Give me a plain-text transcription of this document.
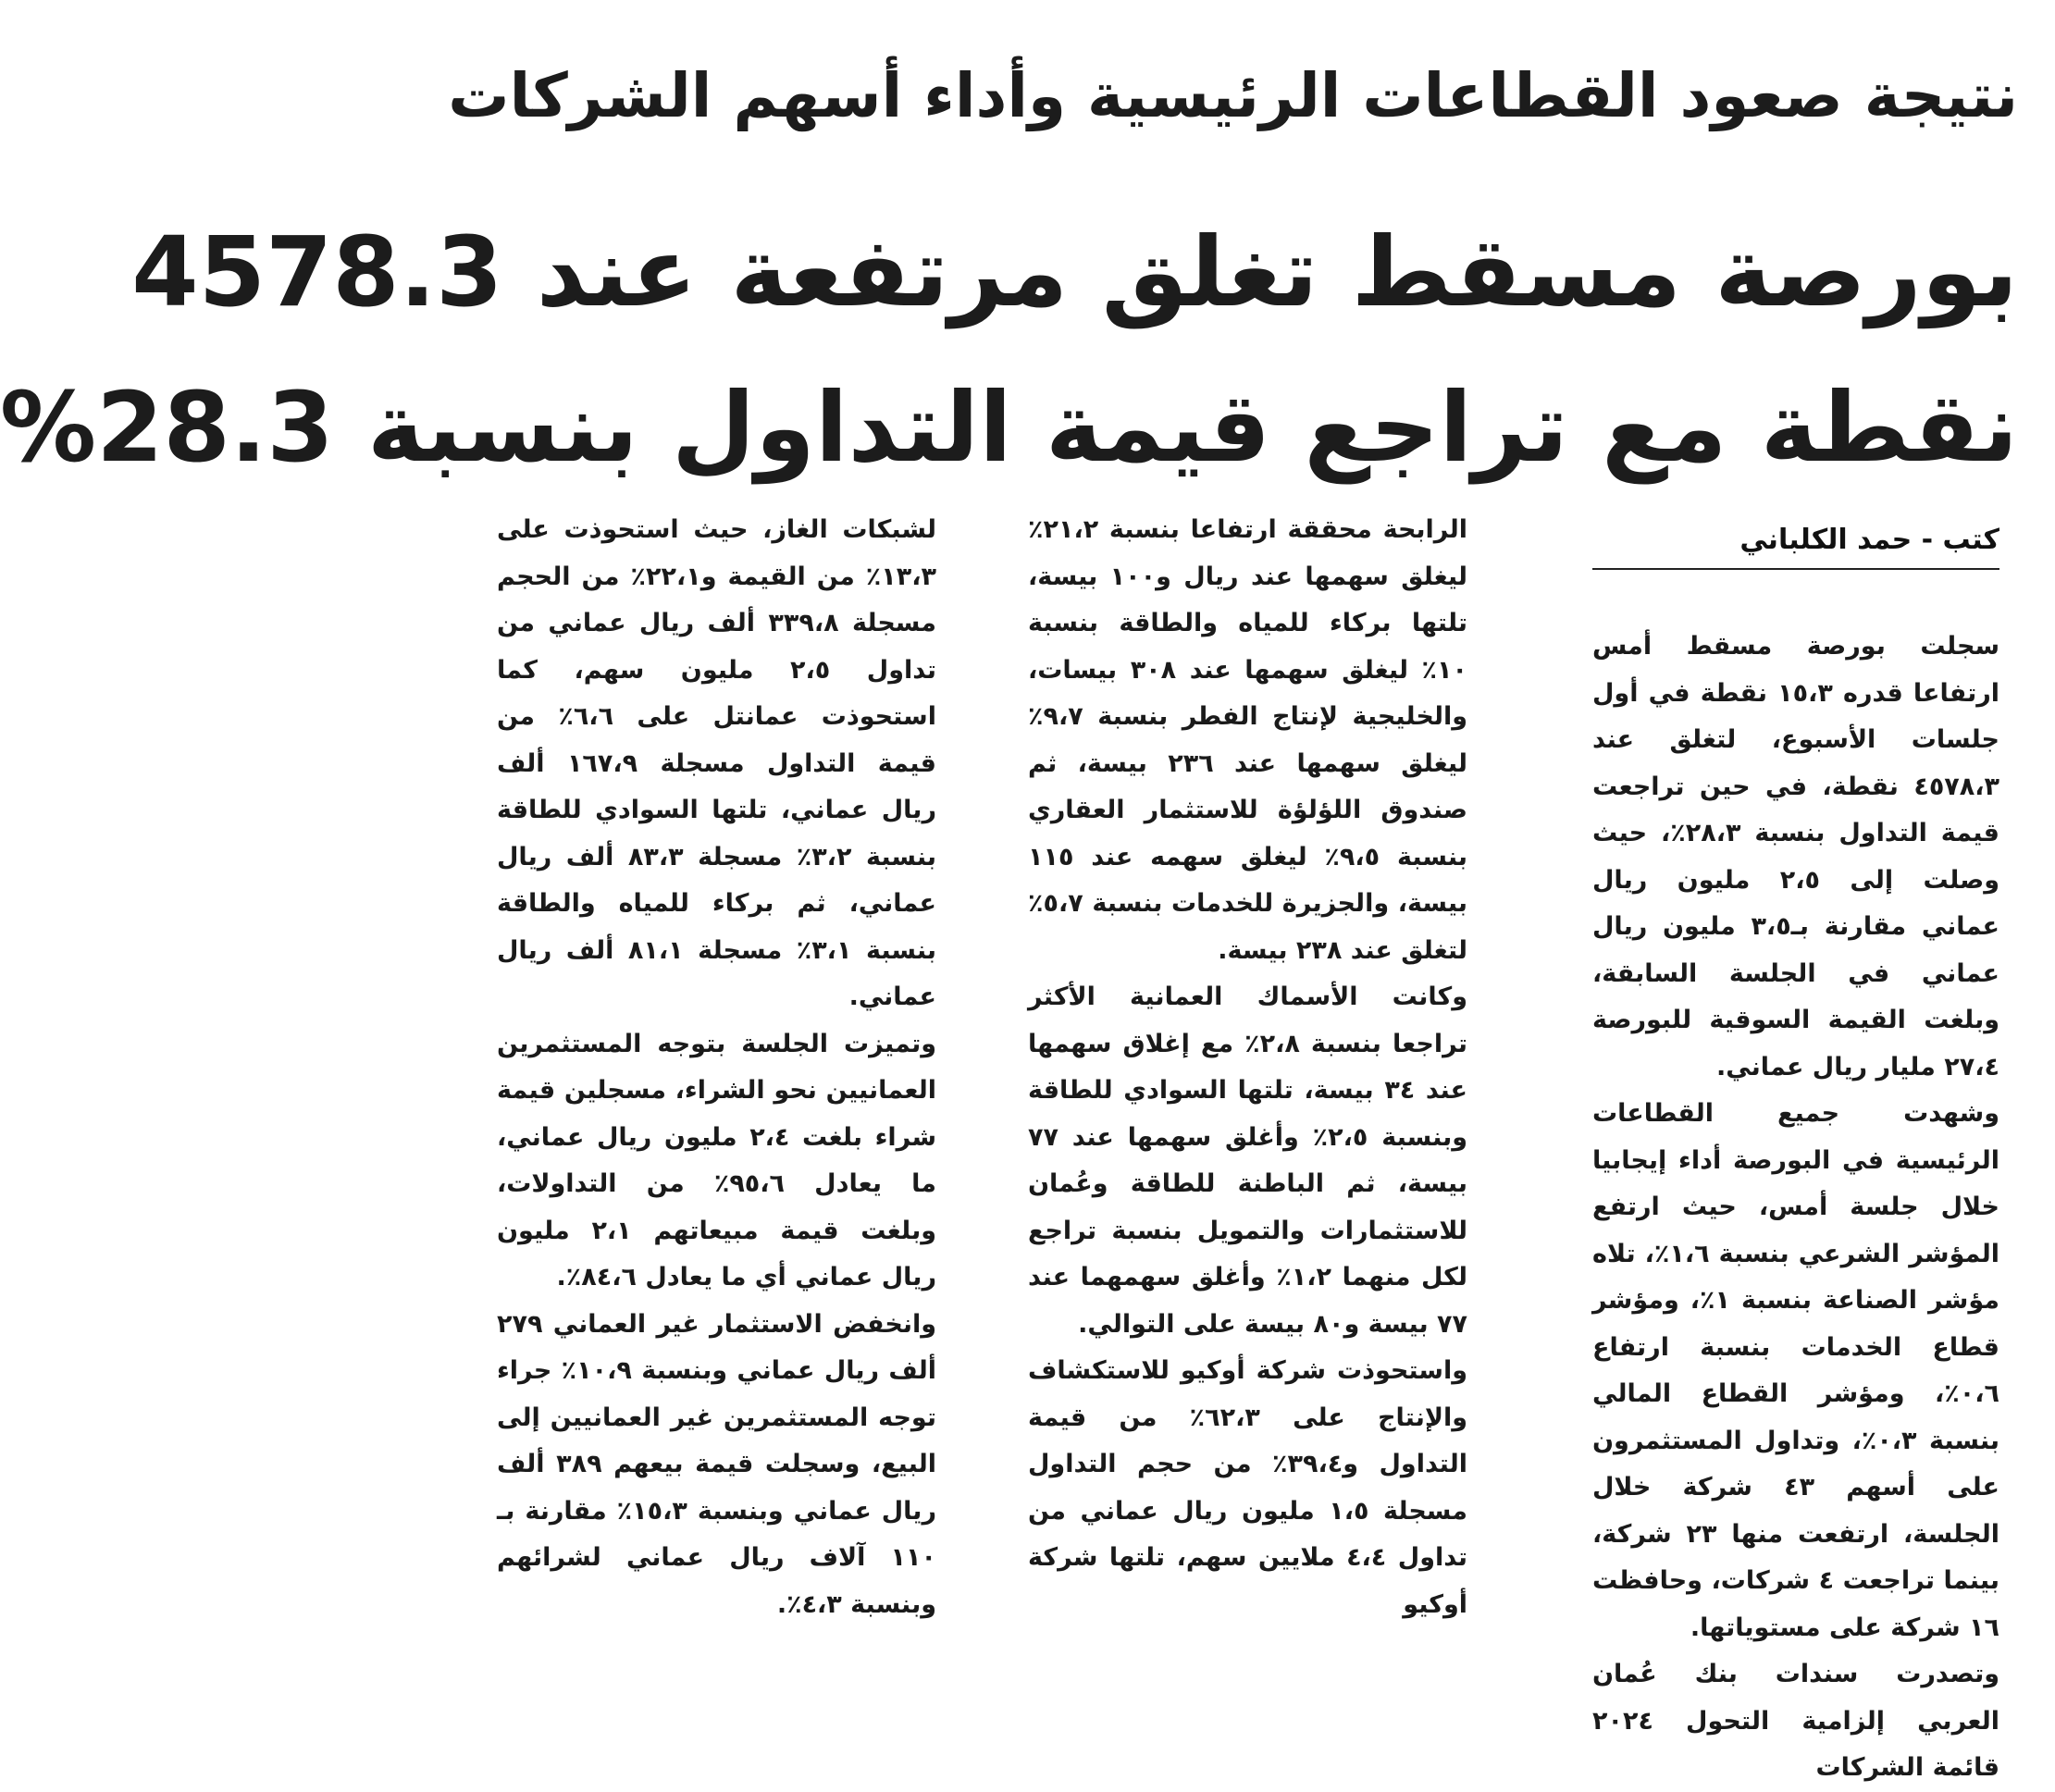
نتيجة صعود القطاعات الرئيسية وأداء أسهم الشركات
بورصة مسقط تغلق مرتفعة عند 4578.3
نقطة مع تراجع قيمة التداول بنسبة 28.3%
كتب - حمد الكلباني

سجلت بورصة مسقط أمس ارتفاعا قدره ١٥،٣ نقطة في أول جلسات الأسبوع، لتغلق عند ٤٥٧٨،٣ نقطة، في حين تراجعت قيمة التداول بنسبة ٢٨،٣٪، حيث وصلت إلى ٢،٥ مليون ريال عماني مقارنة بـ٣،٥ مليون ريال عماني في الجلسة السابقة، وبلغت القيمة السوقية للبورصة ٢٧،٤ مليار ريال عماني.

وشهدت جميع القطاعات الرئيسية في البورصة أداء إيجابيا خلال جلسة أمس، حيث ارتفع المؤشر الشرعي بنسبة ١،٦٪، تلاه مؤشر الصناعة بنسبة ١٪، ومؤشر قطاع الخدمات بنسبة ارتفاع ٠،٦٪، ومؤشر القطاع المالي بنسبة ٠،٣٪، وتداول المستثمرون على أسهم ٤٣ شركة خلال الجلسة، ارتفعت منها ٢٣ شركة، بينما تراجعت ٤ شركات، وحافظت ١٦ شركة على مستوياتها.

وتصدرت سندات بنك عُمان العربي إلزامية التحول ٢٠٢٤ قائمة الشركات

الرابحة محققة ارتفاعا بنسبة ٢١،٢٪ ليغلق سهمها عند ريال و١٠٠ بيسة، تلتها بركاء للمياه والطاقة بنسبة ١٠٪ ليغلق سهمها عند ٣٠٨ بيسات، والخليجية لإنتاج الفطر بنسبة ٩،٧٪ ليغلق سهمها عند ٢٣٦ بيسة، ثم صندوق اللؤلؤة للاستثمار العقاري بنسبة ٩،٥٪ ليغلق سهمه عند ١١٥ بيسة، والجزيرة للخدمات بنسبة ٥،٧٪ لتغلق عند ٢٣٨ بيسة.

وكانت الأسماك العمانية الأكثر تراجعا بنسبة ٢،٨٪ مع إغلاق سهمها عند ٣٤ بيسة، تلتها السوادي للطاقة وبنسبة ٢،٥٪ وأغلق سهمها عند ٧٧ بيسة، ثم الباطنة للطاقة وعُمان للاستثمارات والتمويل بنسبة تراجع لكل منهما ١،٢٪ وأغلق سهمهما عند ٧٧ بيسة و٨٠ بيسة على التوالي.

واستحوذت شركة أوكيو للاستكشاف والإنتاج على ٦٢،٣٪ من قيمة التداول و٣٩،٤٪ من حجم التداول مسجلة ١،٥ مليون ريال عماني من تداول ٤،٤ ملايين سهم، تلتها شركة أوكيو

لشبكات الغاز، حيث استحوذت على ١٣،٣٪ من القيمة و٢٢،١٪ من الحجم مسجلة ٣٣٩،٨ ألف ريال عماني من تداول ٢،٥ مليون سهم، كما استحوذت عمانتل على ٦،٦٪ من قيمة التداول مسجلة ١٦٧،٩ ألف ريال عماني، تلتها السوادي للطاقة بنسبة ٣،٢٪ مسجلة ٨٣،٣ ألف ريال عماني، ثم بركاء للمياه والطاقة بنسبة ٣،١٪ مسجلة ٨١،١ ألف ريال عماني.

وتميزت الجلسة بتوجه المستثمرين العمانيين نحو الشراء، مسجلين قيمة شراء بلغت ٢،٤ مليون ريال عماني، ما يعادل ٩٥،٦٪ من التداولات، وبلغت قيمة مبيعاتهم ٢،١ مليون ريال عماني أي ما يعادل ٨٤،٦٪.

وانخفض الاستثمار غير العماني ٢٧٩ ألف ريال عماني وبنسبة ١٠،٩٪ جراء توجه المستثمرين غير العمانيين إلى البيع، وسجلت قيمة بيعهم ٣٨٩ ألف ريال عماني وبنسبة ١٥،٣٪ مقارنة بـ ١١٠ آلاف ريال عماني لشرائهم وبنسبة ٤،٣٪.
